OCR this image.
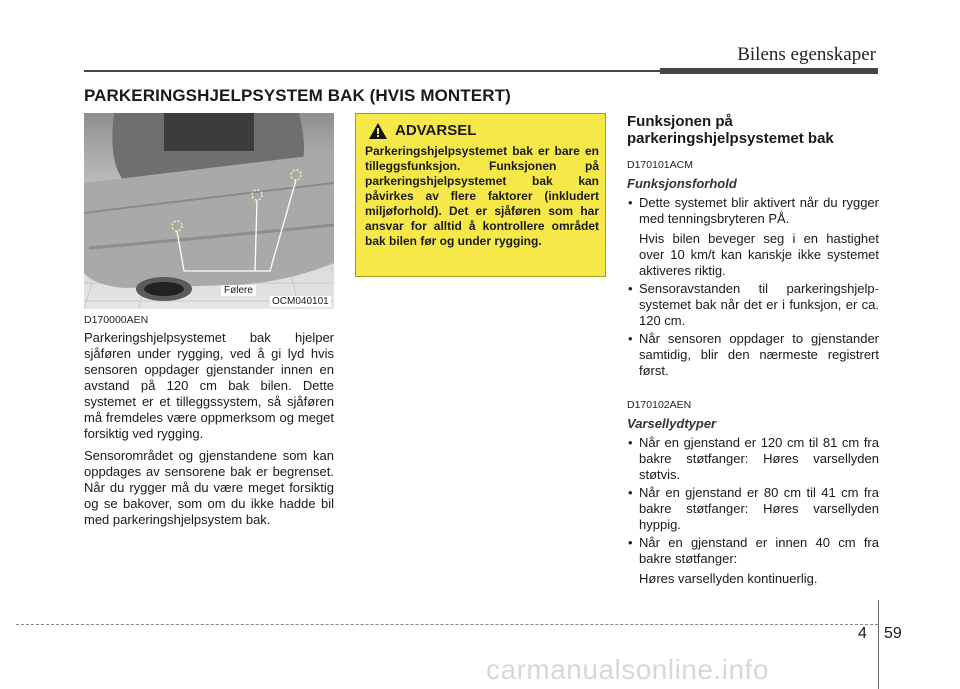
Bilens egenskaper
PARKERINGSHJELPSYSTEM BAK (HVIS MONTERT)
Følere
OCM040101
D170000AEN

Parkeringshjelpsystemet bak hjelper sjåføren under rygging, ved å gi lyd hvis sensoren oppdager gjenstander innen en avstand på 120 cm bak bilen. Dette systemet er et tilleggssystem, så sjåføren må fremdeles være oppmerksom og meget forsiktig ved rygging.

Sensorområdet og gjenstandene som kan oppdages av sensorene bak er begrenset. Når du rygger må du være meget forsiktig og se bakover, som om du ikke hadde bil med parkeringshjelpsystem bak.

ADVARSEL
Parkeringshjelpsystemet bak er bare en tilleggsfunksjon. Funksjonen på parkeringshjelpsystemet bak kan påvirkes av flere faktorer (inkludert miljøforhold). Det er sjåføren som har ansvar for alltid å kontrollere området bak bilen før og under rygging.
Funksjonen på parkeringshjelpsystemet bak
D170101ACM
Funksjonsforhold
• Dette systemet blir aktivert når du rygger med tenningsbryteren PÅ.
Hvis bilen beveger seg i en hastighet over 10 km/t kan kanskje ikke systemet aktiveres riktig.
• Sensoravstanden til parkeringshjelp- systemet bak når det er i funksjon, er ca. 120 cm.
• Når sensoren oppdager to gjenstander samtidig, blir den nærmeste registrert først.
D170102AEN
Varsellydtyper
• Når en gjenstand er 120 cm til 81 cm fra bakre støtfanger: Høres varsellyden støtvis.
• Når en gjenstand er 80 cm til 41 cm fra bakre støtfanger: Høres varsellyden hyppig.
• Når en gjenstand er innen 40 cm fra bakre støtfanger:
Høres varsellyden kontinuerlig.
4 59
carmanualsonline.info
